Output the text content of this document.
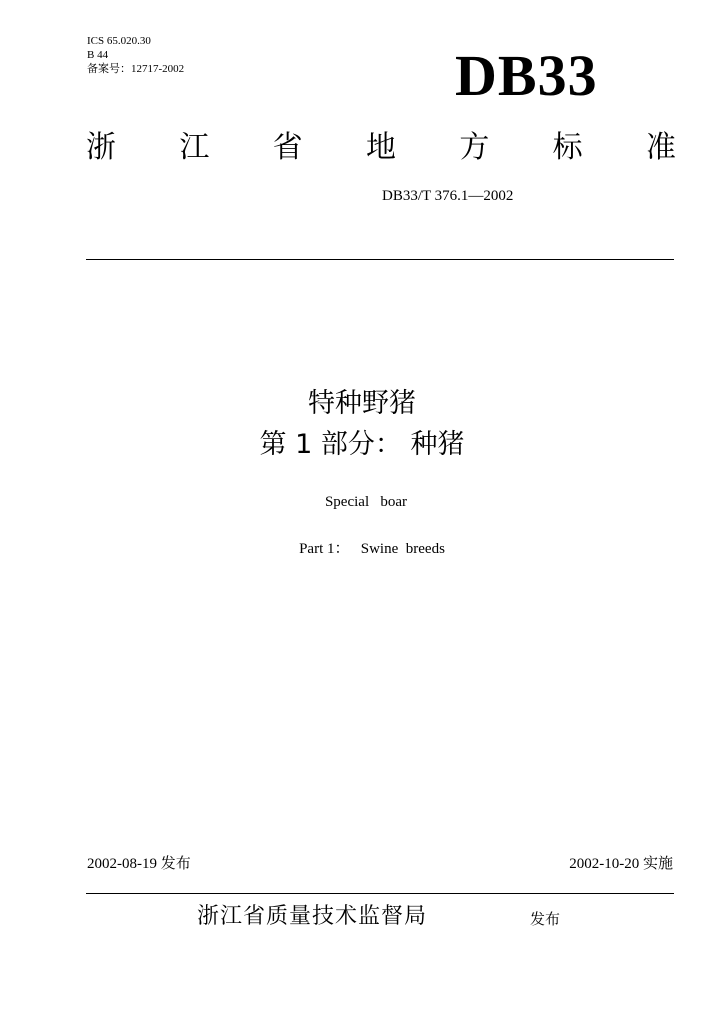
ICS 65.020.30
B 44
备案号：12717-2002	DB33
浙 江 省 地 方 标 准
DB33/T 376.1—2002
特种野猪
第 1 部分： 种猪
Special   boar
Part 1：   Swine  breeds
2002-08-19 发布	2002-10-20 实施
浙江省质量技术监督局	发布
